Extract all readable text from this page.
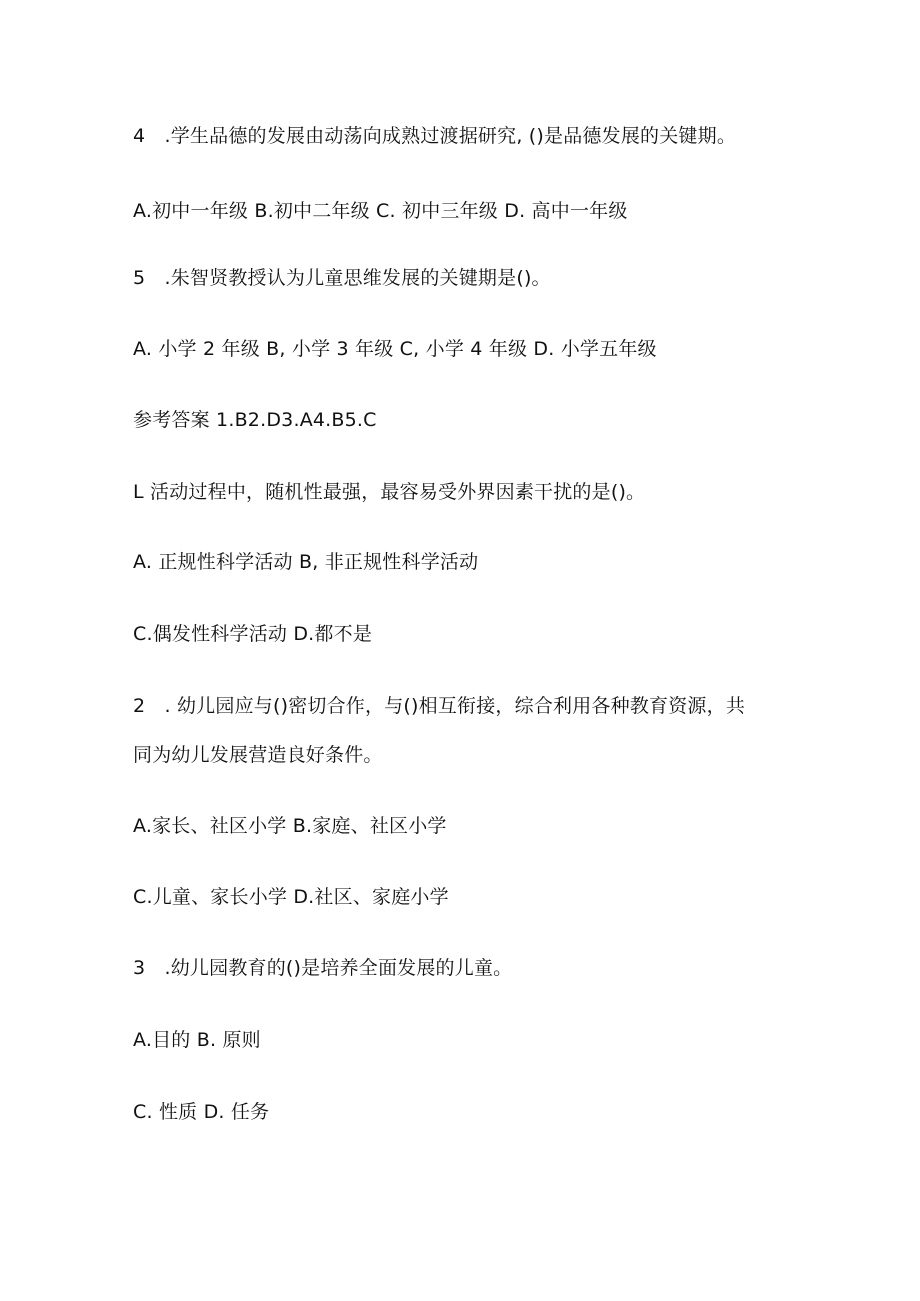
4　.学生品德的发展由动荡向成熟过渡据研究, ()是品德发展的关键期。
A.初中一年级 B.初中二年级 C. 初中三年级 D. 高中一年级
5　.朱智贤教授认为儿童思维发展的关键期是()。
A. 小学 2 年级 B, 小学 3 年级 C, 小学 4 年级 D. 小学五年级
参考答案 1.B2.D3.A4.B5.C
L 活动过程中，随机性最强，最容易受外界因素干扰的是()。
A. 正规性科学活动 B, 非正规性科学活动
C.偶发性科学活动 D.都不是
2　. 幼儿园应与()密切合作，与()相互衔接，综合利用各种教育资源，共
同为幼儿发展营造良好条件。
A.家长、社区小学 B.家庭、社区小学
C.儿童、家长小学 D.社区、家庭小学
3　.幼儿园教育的()是培养全面发展的儿童。
A.目的 B. 原则
C. 性质 D. 任务
